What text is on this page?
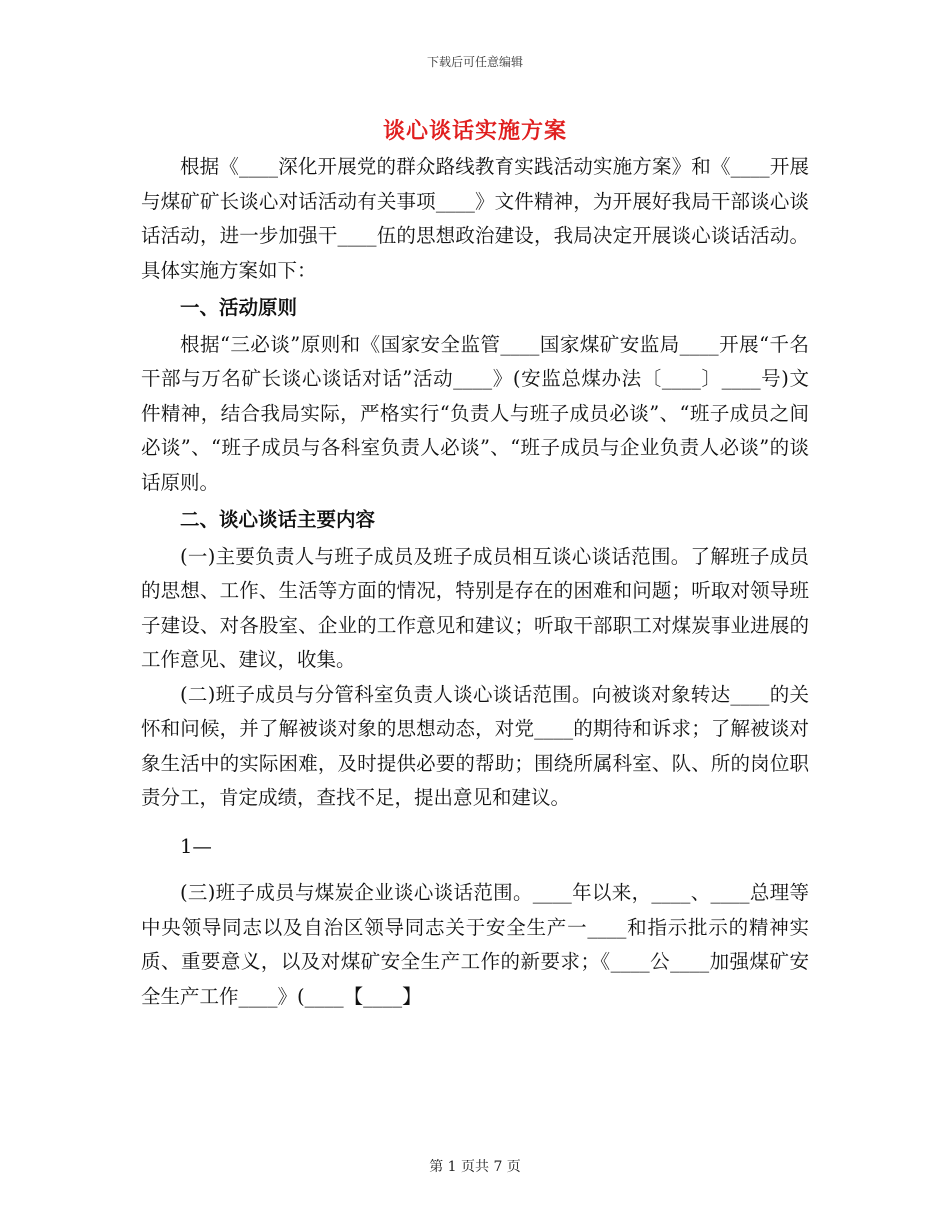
下载后可任意编辑
谈心谈话实施方案

根据《____深化开展党的群众路线教育实践活动实施方案》和《____开展与煤矿矿长谈心对话活动有关事项____》文件精神，为开展好我局干部谈心谈话活动，进一步加强干____伍的思想政治建设，我局决定开展谈心谈话活动。具体实施方案如下：

一、活动原则

根据“三必谈”原则和《国家安全监管____国家煤矿安监局____开展“千名干部与万名矿长谈心谈话对话”活动____》(安监总煤办法〔____〕____号)文件精神，结合我局实际，严格实行“负责人与班子成员必谈”、“班子成员之间必谈”、“班子成员与各科室负责人必谈”、“班子成员与企业负责人必谈”的谈话原则。

二、谈心谈话主要内容

(一)主要负责人与班子成员及班子成员相互谈心谈话范围。了解班子成员的思想、工作、生活等方面的情况，特别是存在的困难和问题；听取对领导班子建设、对各股室、企业的工作意见和建议；听取干部职工对煤炭事业进展的工作意见、建议，收集。

(二)班子成员与分管科室负责人谈心谈话范围。向被谈对象转达____的关怀和问候，并了解被谈对象的思想动态，对党____的期待和诉求；了解被谈对象生活中的实际困难，及时提供必要的帮助；围绕所属科室、队、所的岗位职责分工，肯定成绩，查找不足，提出意见和建议。

1—

(三)班子成员与煤炭企业谈心谈话范围。____年以来，____、____总理等中央领导同志以及自治区领导同志关于安全生产一____和指示批示的精神实质、重要意义，以及对煤矿安全生产工作的新要求；《____公____加强煤矿安全生产工作____》(____【____】

第 1 页共 7 页
